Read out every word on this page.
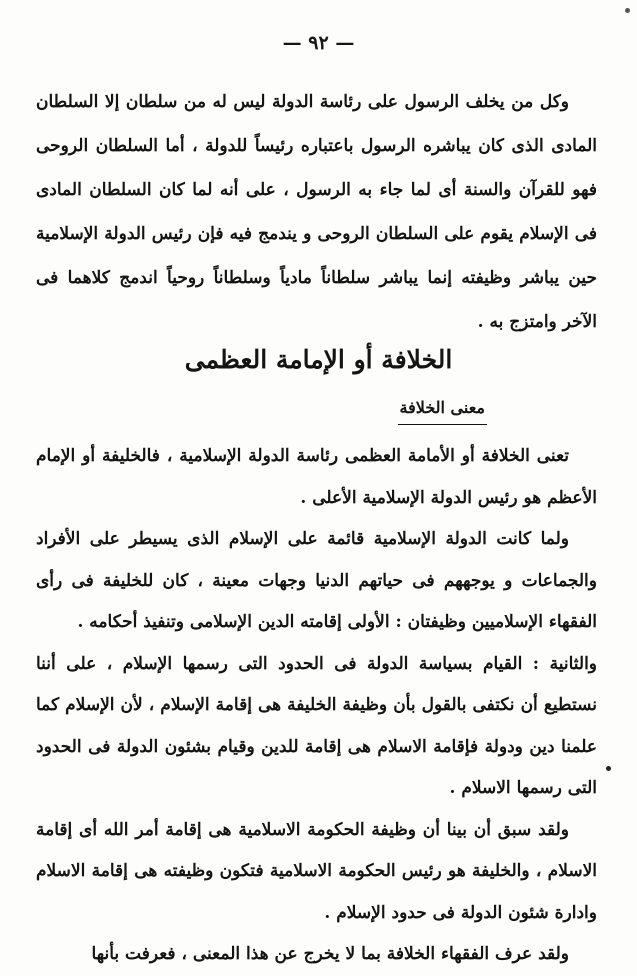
— ٩٢ —

وكل من يخلف الرسول على رئاسة الدولة ليس له من سلطان إلا السلطان المادى الذى كان يباشره الرسول باعتباره رئيساً للدولة ، أما السلطان الروحى فهو للقرآن والسنة أى لما جاء به الرسول ، على أنه لما كان السلطان المادى فى الإسلام يقوم على السلطان الروحى و يندمج فيه فإن رئيس الدولة الإسلامية حين يباشر وظيفته إنما يباشر سلطاناً مادياً وسلطاناً روحياً اندمج كلاهما فى الآخر وامتزج به .

الخلافة أو الإمامة العظمى
معنى الخلافة

تعنى الخلافة أو الأمامة العظمى رئاسة الدولة الإسلامية ، فالخليفة أو الإمام الأعظم هو رئيس الدولة الإسلامية الأعلى .

ولما كانت الدولة الإسلامية قائمة على الإسلام الذى يسيطر على الأفراد والجماعات و يوجههم فى حياتهم الدنيا وجهات معينة ، كان للخليفة فى رأى الفقهاء الإسلاميين وظيفتان : الأولى إقامته الدين الإسلامى وتنفيذ أحكامه .

والثانية : القيام بسياسة الدولة فى الحدود التى رسمها الإسلام ، على أننا نستطيع أن نكتفى بالقول بأن وظيفة الخليفة هى إقامة الإسلام ، لأن الإسلام كما علمنا دين ودولة فإقامة الاسلام هى إقامة للدين وقيام بشئون الدولة فى الحدود التى رسمها الاسلام .

ولقد سبق أن بينا أن وظيفة الحكومة الاسلامية هى إقامة أمر الله أى إقامة الاسلام ، والخليفة هو رئيس الحكومة الاسلامية فتكون وظيفته هى إقامة الاسلام وادارة شئون الدولة فى حدود الإسلام .

ولقد عرف الفقهاء الخلافة بما لا يخرج عن هذا المعنى ، فعرفت بأنها
